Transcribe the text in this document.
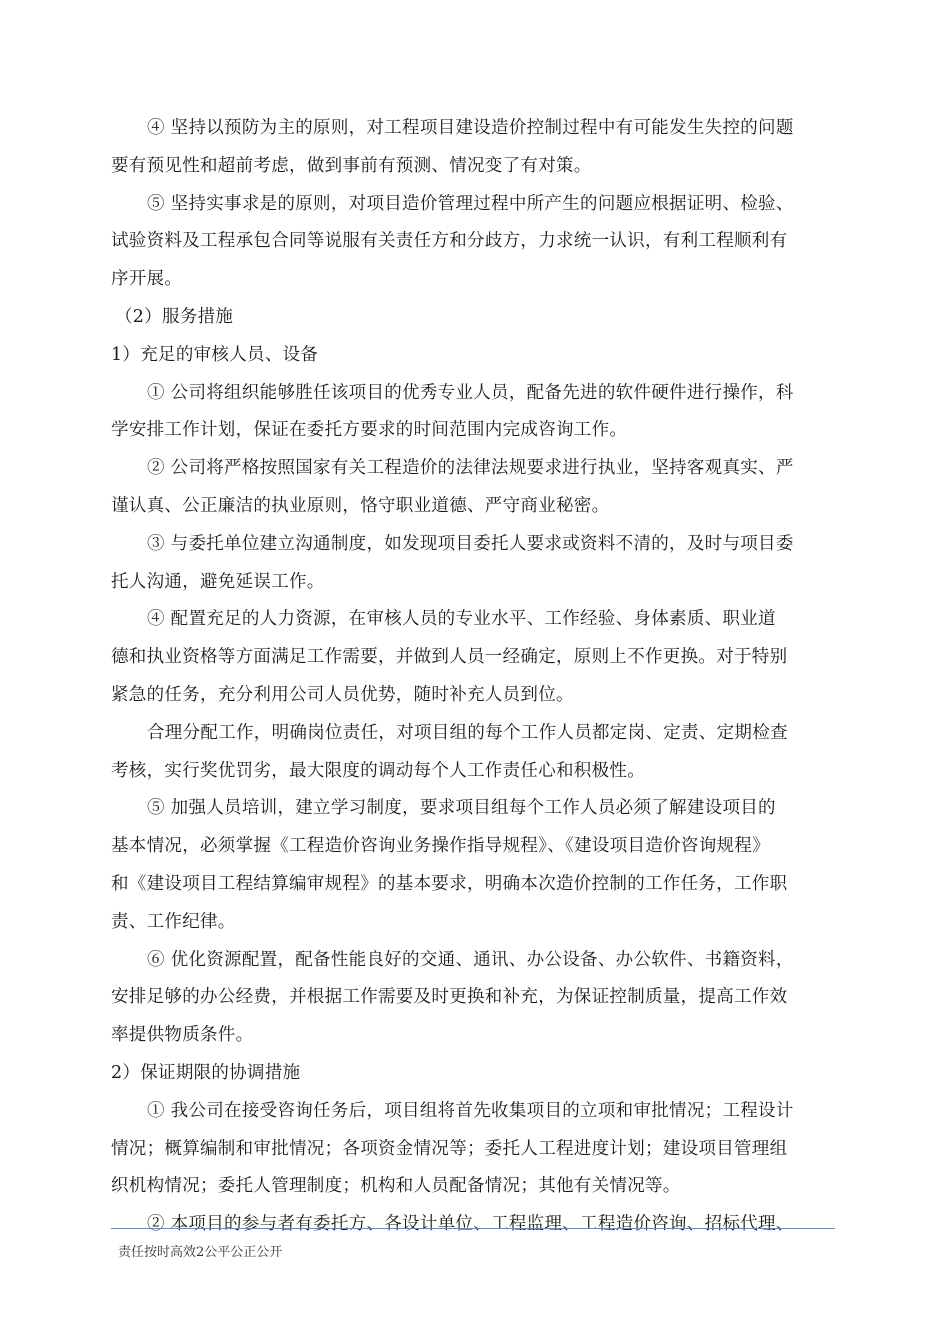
④ 坚持以预防为主的原则，对工程项目建设造价控制过程中有可能发生失控的问题
要有预见性和超前考虑，做到事前有预测、情况变了有对策。
⑤ 坚持实事求是的原则，对项目造价管理过程中所产生的问题应根据证明、检验、
试验资料及工程承包合同等说服有关责任方和分歧方，力求统一认识，有利工程顺利有
序开展。
（2）服务措施
1）充足的审核人员、设备
① 公司将组织能够胜任该项目的优秀专业人员，配备先进的软件硬件进行操作，科
学安排工作计划，保证在委托方要求的时间范围内完成咨询工作。
② 公司将严格按照国家有关工程造价的法律法规要求进行执业，坚持客观真实、严
谨认真、公正廉洁的执业原则，恪守职业道德、严守商业秘密。
③ 与委托单位建立沟通制度，如发现项目委托人要求或资料不清的，及时与项目委
托人沟通，避免延误工作。
④ 配置充足的人力资源，在审核人员的专业水平、工作经验、身体素质、职业道
德和执业资格等方面满足工作需要，并做到人员一经确定，原则上不作更换。对于特别
紧急的任务，充分利用公司人员优势，随时补充人员到位。
合理分配工作，明确岗位责任，对项目组的每个工作人员都定岗、定责、定期检查
考核，实行奖优罚劣，最大限度的调动每个人工作责任心和积极性。
⑤ 加强人员培训，建立学习制度，要求项目组每个工作人员必须了解建设项目的
基本情况，必须掌握《工程造价咨询业务操作指导规程》、《建设项目造价咨询规程》
和《建设项目工程结算编审规程》的基本要求，明确本次造价控制的工作任务，工作职
责、工作纪律。
⑥ 优化资源配置，配备性能良好的交通、通讯、办公设备、办公软件、书籍资料，
安排足够的办公经费，并根据工作需要及时更换和补充，为保证控制质量，提高工作效
率提供物质条件。
2）保证期限的协调措施
① 我公司在接受咨询任务后，项目组将首先收集项目的立项和审批情况；工程设计
情况；概算编制和审批情况；各项资金情况等；委托人工程进度计划；建设项目管理组
织机构情况；委托人管理制度；机构和人员配备情况；其他有关情况等。
② 本项目的参与者有委托方、各设计单位、工程监理、工程造价咨询、招标代理、
责任按时高效2公平公正公开
